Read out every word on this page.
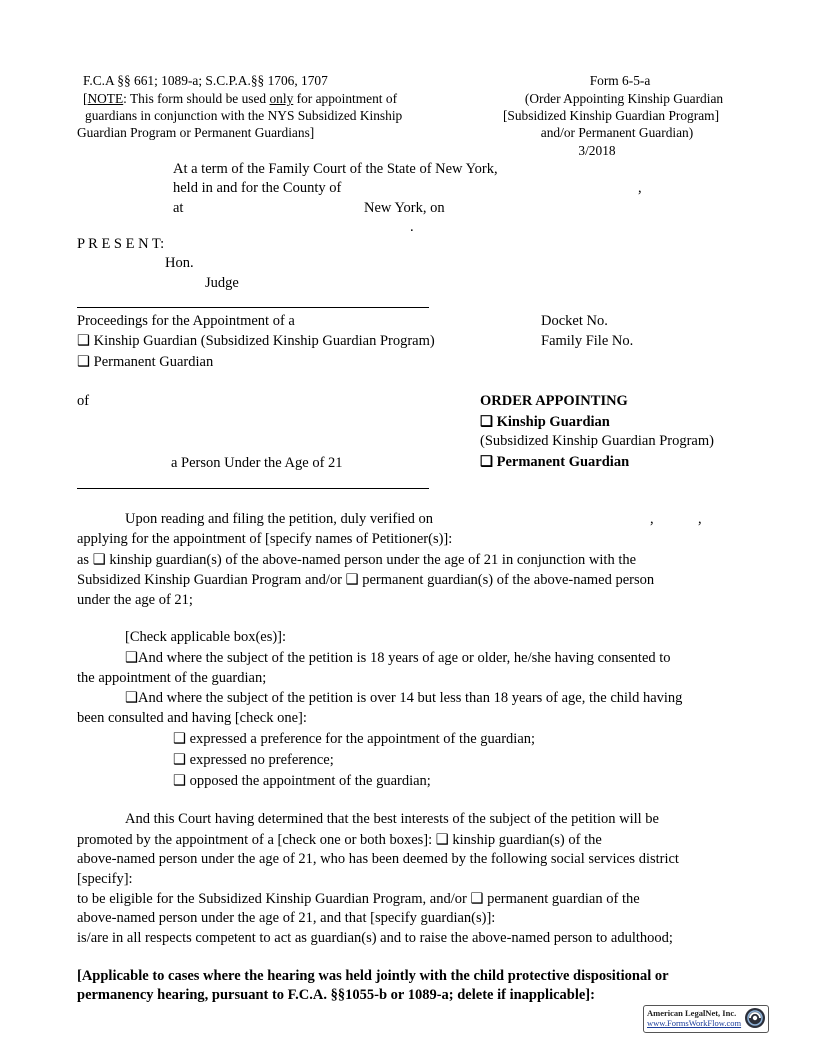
F.C.A §§ 661; 1089-a; S.C.P.A.§§ 1706, 1707
[NOTE: This form should be used only for appointment of
guardians in conjunction with the NYS Subsidized Kinship
Guardian Program or Permanent Guardians]
Form 6-5-a
(Order Appointing Kinship Guardian
[Subsidized Kinship Guardian Program]
and/or Permanent Guardian)
3/2018
At a term of the Family Court of the State of New York,
held in and for the County of	,
at	New York, on
.
P R E S E N T:
Hon.
Judge
Proceedings for the Appointment of a
❑ Kinship Guardian (Subsidized Kinship Guardian Program)
❑ Permanent Guardian
of
a Person Under the Age of 21
Docket No.
Family File No.
ORDER APPOINTING
❑ Kinship Guardian
(Subsidized Kinship Guardian Program)
❑ Permanent Guardian
Upon reading and filing the petition, duly verified on	,	,
applying for the appointment of [specify names of Petitioner(s)]:
as ❑ kinship guardian(s) of the above-named person under the age of 21 in conjunction with the
Subsidized Kinship Guardian Program and/or ❑ permanent guardian(s) of the above-named person
under the age of 21;
[Check applicable box(es)]:
❑And where the subject of the petition is 18 years of age or older, he/she having consented to
the appointment of the guardian;
❑And where the subject of the petition is over 14 but less than 18 years of age, the child having
been consulted and having [check one]:
❑ expressed a preference for the appointment of the guardian;
❑ expressed no preference;
❑ opposed the appointment of the guardian;
And this Court having determined that the best interests of the subject of the petition will be
promoted by the appointment of a [check one or both boxes]: ❑ kinship guardian(s) of the
above-named person under the age of 21, who has been deemed by the following social services district
[specify]:
to be eligible for the Subsidized Kinship Guardian Program, and/or ❑ permanent guardian of the
above-named person under the age of 21, and that [specify guardian(s)]:
is/are in all respects competent to act as guardian(s) and to raise the above-named person to adulthood;
[Applicable to cases where the hearing was held jointly with the child protective dispositional or
permanency hearing, pursuant to F.C.A. §§1055-b or 1089-a; delete if inapplicable]:
American LegalNet, Inc.
www.FormsWorkFlow.com
